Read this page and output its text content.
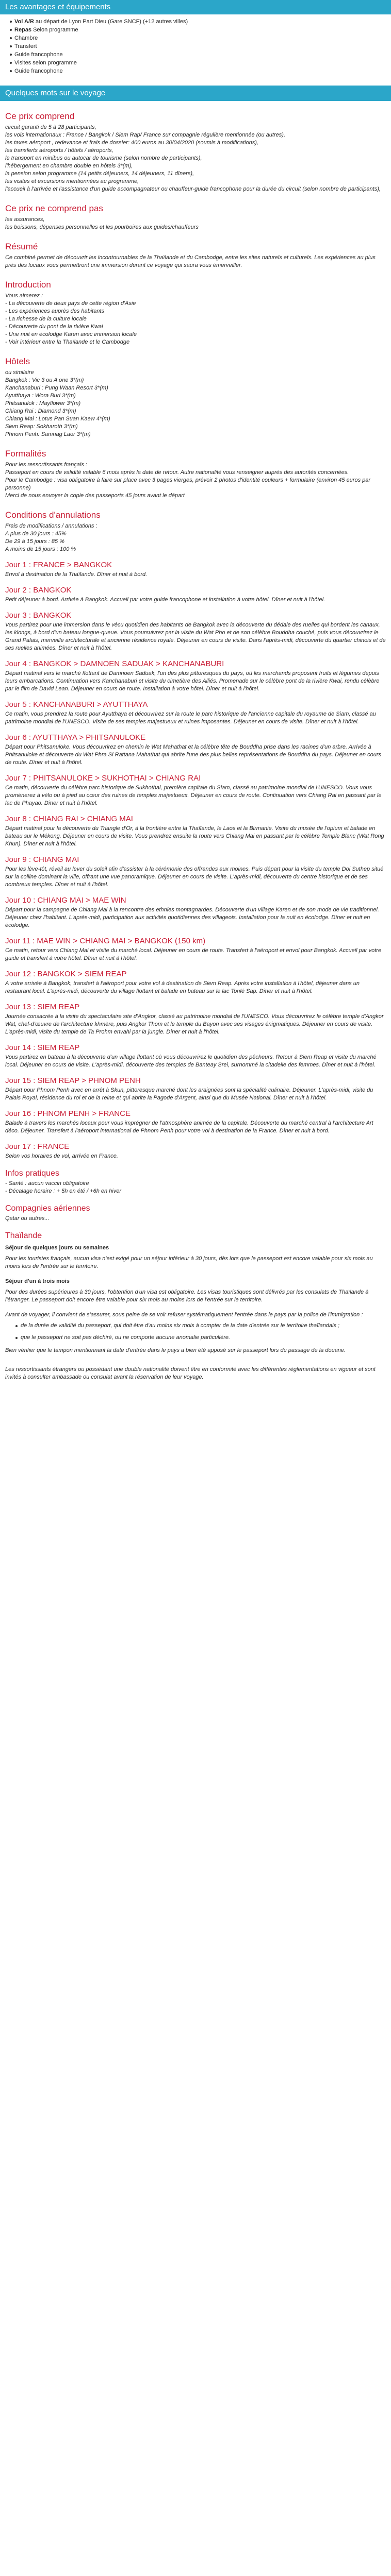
Les avantages et équipements
Vol A/R au départ de Lyon Part Dieu (Gare SNCF) (+12 autres villes)
Repas Selon programme
Chambre
Transfert
Guide francophone
Visites selon programme
Guide francophone
Quelques mots sur le voyage
Ce prix comprend

circuit garanti de 5 à 28 participants,
les vols internationaux : France / Bangkok / Siem Rap/ France sur compagnie régulière mentionnée (ou autres),
les taxes aéroport , redevance et frais de dossier: 400 euros au 30/04/2020 (soumis à modifications),
les transferts aéroports / hôtels / aéroports,
le transport en minibus ou autocar de tourisme (selon nombre de participants),
l'hébergement en chambre double en hôtels 3*(m),
la pension selon programme (14 petits déjeuners, 14 déjeuners, 11 dîners),
les visites et excursions mentionnées au programme,
l'accueil à l'arrivée et l'assistance d'un guide accompagnateur ou chauffeur-guide francophone pour la durée du circuit (selon nombre de participants),

Ce prix ne comprend pas

les assurances,
les boissons, dépenses personnelles et les pourboires aux guides/chauffeurs

Résumé

Ce combiné permet de découvrir les incontournables de la Thaïlande et du Cambodge, entre les sites naturels et culturels. Les expériences au plus près des locaux vous permettront une immersion durant ce voyage qui saura vous émerveiller.

Introduction

Vous aimerez :
- La découverte de deux pays de cette région d'Asie
- Les expériences auprès des habitants
- La richesse de la culture locale
- Découverte du pont de la rivière Kwai
- Une nuit en écolodge Karen avec immersion locale
- Voir intérieur entre la Thaïlande et le Cambodge

Hôtels

ou similaire
Bangkok : Vic 3 ou A one 3*(m)
Kanchanaburi : Pung Waan Resort 3*(m)
Ayutthaya : Wora Buri 3*(m)
Phitsanulok : Mayflower 3*(m)
Chiang Rai : Diamond 3*(m)
Chiang Mai : Lotus Pan Suan Kaew 4*(m)
Siem Reap: Sokharoth 3*(m)
Phnom Penh: Samnag Laor 3*(m)

Formalités

Pour les ressortissants français :
Passeport en cours de validité valable 6 mois après la date de retour. Autre nationalité vous renseigner auprès des autorités concernées.
Pour le Cambodge : visa obligatoire à faire sur place avec 3 pages vierges, prévoir 2 photos d'identité couleurs + formulaire (environ 45 euros par personne)
Merci de nous envoyer la copie des passeports 45 jours avant le départ

Conditions d'annulations

Frais de modifications / annulations :
A plus de 30 jours : 45%
De 29 à 15 jours : 85 %
A moins de 15 jours : 100 %

Jour 1 : FRANCE > BANGKOK

Envol à destination de la Thaïlande. Dîner et nuit à bord.

Jour 2 : BANGKOK

Petit déjeuner à bord. Arrivée à Bangkok. Accueil par votre guide francophone et installation à votre hôtel. Dîner et nuit à l'hôtel.

Jour 3 : BANGKOK

Vous partirez pour une immersion dans le vécu quotidien des habitants de Bangkok avec la découverte du dédale des ruelles qui bordent les canaux, les klongs, à bord d'un bateau longue-queue. Vous poursuivrez par la visite du Wat Pho et de son célèbre Bouddha couché, puis vous découvrirez le Grand Palais, merveille architecturale et ancienne résidence royale. Déjeuner en cours de visite. Dans l'après-midi, découverte du quartier chinois et de ses ruelles animées. Dîner et nuit à l'hôtel.

Jour 4 : BANGKOK > DAMNOEN SADUAK > KANCHANABURI

Départ matinal vers le marché flottant de Damnoen Saduak, l'un des plus pittoresques du pays, où les marchands proposent fruits et légumes depuis leurs embarcations. Continuation vers Kanchanaburi et visite du cimetière des Alliés. Promenade sur le célèbre pont de la rivière Kwai, rendu célèbre par le film de David Lean. Déjeuner en cours de route. Installation à votre hôtel. Dîner et nuit à l'hôtel.

Jour 5 : KANCHANABURI > AYUTTHAYA

Ce matin, vous prendrez la route pour Ayutthaya et découvrirez sur la route le parc historique de l'ancienne capitale du royaume de Siam, classé au patrimoine mondial de l'UNESCO. Visite de ses temples majestueux et ruines imposantes. Déjeuner en cours de visite. Dîner et nuit à l'hôtel.

Jour 6 : AYUTTHAYA > PHITSANULOKE

Départ pour Phitsanuloke. Vous découvrirez en chemin le Wat Mahathat et la célèbre tête de Bouddha prise dans les racines d'un arbre. Arrivée à Phitsanuloke et découverte du Wat Phra Si Rattana Mahathat qui abrite l'une des plus belles représentations de Bouddha du pays. Déjeuner en cours de route. Dîner et nuit à l'hôtel.

Jour 7 : PHITSANULOKE > SUKHOTHAI > CHIANG RAI

Ce matin, découverte du célèbre parc historique de Sukhothai, première capitale du Siam, classé au patrimoine mondial de l'UNESCO. Vous vous promènerez à vélo ou à pied au cœur des ruines de temples majestueux. Déjeuner en cours de route. Continuation vers Chiang Rai en passant par le lac de Phayao. Dîner et nuit à l'hôtel.

Jour 8 : CHIANG RAI > CHIANG MAI

Départ matinal pour la découverte du Triangle d'Or, à la frontière entre la Thaïlande, le Laos et la Birmanie. Visite du musée de l'opium et balade en bateau sur le Mékong. Déjeuner en cours de visite. Vous prendrez ensuite la route vers Chiang Mai en passant par le célèbre Temple Blanc (Wat Rong Khun). Dîner et nuit à l'hôtel.

Jour 9 : CHIANG MAI

Pour les lève-tôt, réveil au lever du soleil afin d'assister à la cérémonie des offrandes aux moines. Puis départ pour la visite du temple Doi Suthep situé sur la colline dominant la ville, offrant une vue panoramique. Déjeuner en cours de visite. L'après-midi, découverte du centre historique et de ses nombreux temples. Dîner et nuit à l'hôtel.

Jour 10 : CHIANG MAI > MAE WIN

Départ pour la campagne de Chiang Mai à la rencontre des ethnies montagnardes. Découverte d'un village Karen et de son mode de vie traditionnel. Déjeuner chez l'habitant. L'après-midi, participation aux activités quotidiennes des villageois. Installation pour la nuit en écolodge. Dîner et nuit en écolodge.

Jour 11 : MAE WIN > CHIANG MAI > BANGKOK (150 km)

Ce matin, retour vers Chiang Mai et visite du marché local. Déjeuner en cours de route. Transfert à l'aéroport et envol pour Bangkok. Accueil par votre guide et transfert à votre hôtel. Dîner et nuit à l'hôtel.

Jour 12 : BANGKOK > SIEM REAP

A votre arrivée à Bangkok, transfert à l'aéroport pour votre vol à destination de Siem Reap. Après votre installation à l'hôtel, déjeuner dans un restaurant local. L'après-midi, découverte du village flottant et balade en bateau sur le lac Tonlé Sap. Dîner et nuit à l'hôtel.

Jour 13 : SIEM REAP

Journée consacrée à la visite du spectaculaire site d'Angkor, classé au patrimoine mondial de l'UNESCO. Vous découvrirez le célèbre temple d'Angkor Wat, chef-d'œuvre de l'architecture khmère, puis Angkor Thom et le temple du Bayon avec ses visages énigmatiques. Déjeuner en cours de visite. L'après-midi, visite du temple de Ta Prohm envahi par la jungle. Dîner et nuit à l'hôtel.

Jour 14 : SIEM REAP

Vous partirez en bateau à la découverte d'un village flottant où vous découvrirez le quotidien des pêcheurs. Retour à Siem Reap et visite du marché local. Déjeuner en cours de visite. L'après-midi, découverte des temples de Banteay Srei, surnommé la citadelle des femmes. Dîner et nuit à l'hôtel.

Jour 15 : SIEM REAP > PHNOM PENH

Départ pour Phnom Penh avec en arrêt à Skun, pittoresque marché dont les araignées sont la spécialité culinaire. Déjeuner. L'après-midi, visite du Palais Royal, résidence du roi et de la reine et qui abrite la Pagode d'Argent, ainsi que du Musée National. Dîner et nuit à l'hôtel.

Jour 16 : PHNOM PENH > FRANCE

Balade à travers les marchés locaux pour vous imprégner de l'atmosphère animée de la capitale. Découverte du marché central à l'architecture Art déco. Déjeuner. Transfert à l'aéroport international de Phnom Penh pour votre vol à destination de la France. Dîner et nuit à bord.

Jour 17 : FRANCE

Selon vos horaires de vol, arrivée en France.

Infos pratiques

- Santé : aucun vaccin obligatoire
- Décalage horaire : + 5h en été / +6h en hiver

Compagnies aériennes

Qatar ou autres...

Thaïlande

Séjour de quelques jours ou semaines

Pour les touristes français, aucun visa n'est exigé pour un séjour inférieur à 30 jours, dès lors que le passeport est encore valable pour six mois au moins lors de l'entrée sur le territoire.

Séjour d'un à trois mois

Pour des durées supérieures à 30 jours, l'obtention d'un visa est obligatoire. Les visas touristiques sont délivrés par les consulats de Thaïlande à l'étranger. Le passeport doit encore être valable pour six mois au moins lors de l'entrée sur le territoire.

Avant de voyager, il convient de s'assurer, sous peine de se voir refuser systématiquement l'entrée dans le pays par la police de l'immigration :

de la durée de validité du passeport, qui doit être d'au moins six mois à compter de la date d'entrée sur le territoire thaïlandais ;
que le passeport ne soit pas déchiré, ou ne comporte aucune anomalie particulière.

Bien vérifier que le tampon mentionnant la date d'entrée dans le pays a bien été apposé sur le passeport lors du passage de la douane.

Les ressortissants étrangers ou possédant une double nationalité doivent être en conformité avec les différentes réglementations en vigueur et sont invités à consulter ambassade ou consulat avant la réservation de leur voyage.
